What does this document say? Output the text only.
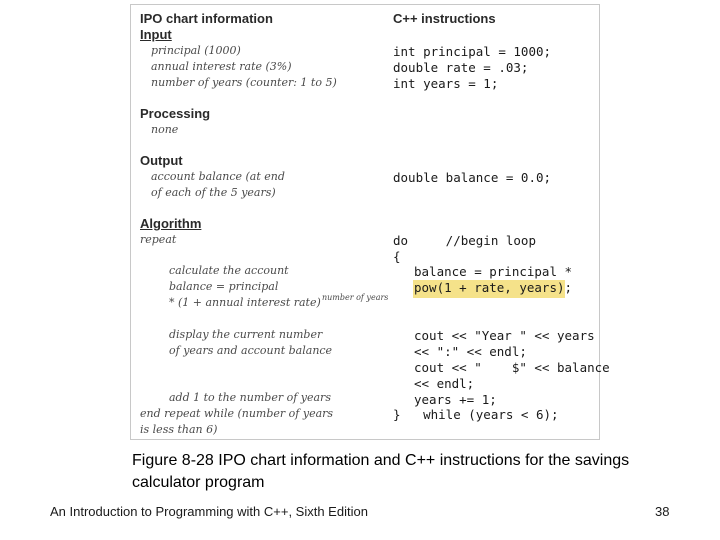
IPO chart information	C++ instructions
Input
principal (1000)
annual interest rate (3%)
number of years (counter: 1 to 5)
int principal = 1000;
double rate = .03;
int years = 1;
Processing
none
Output
account balance (at end
of each of the 5 years)
double balance = 0.0;
Algorithm
repeat
calculate the account
balance = principal
* (1 + annual interest rate) number of years
display the current number
of years and account balance
add 1 to the number of years
end repeat while (number of years
is less than 6)
do     //begin loop
{
balance = principal *
pow(1 + rate, years);
cout << "Year " << years
<< ":" << endl;
cout << "    $" << balance
<< endl;
years += 1;
}   while (years < 6);
Figure 8-28 IPO chart information and C++ instructions for the savings calculator program
An Introduction to Programming with C++, Sixth Edition	38
